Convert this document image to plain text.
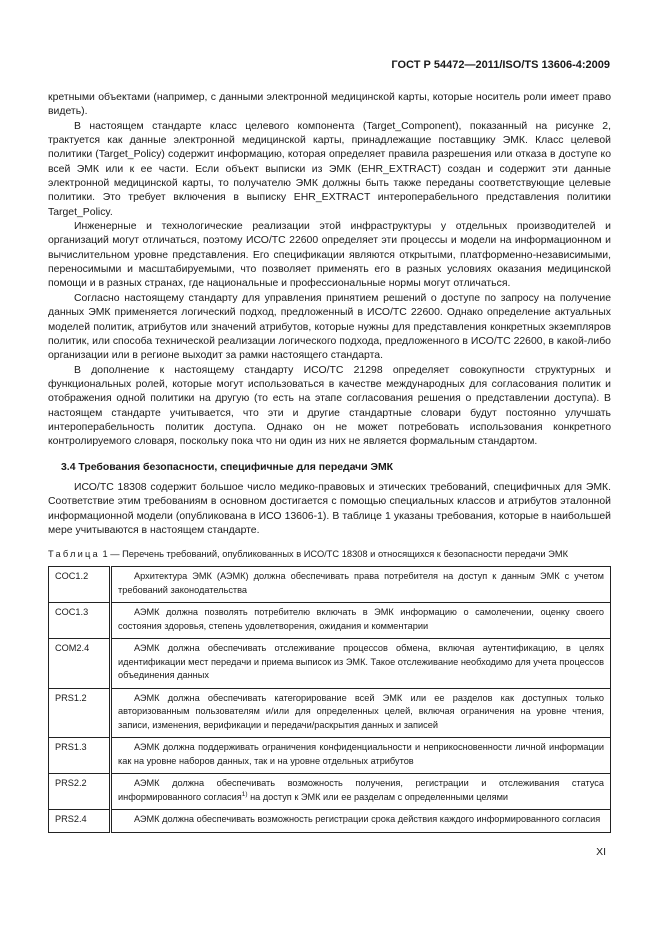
ГОСТ Р 54472—2011/ISO/TS 13606-4:2009

кретными объектами (например, с данными электронной медицинской карты, которые носитель роли имеет право видеть).

В настоящем стандарте класс целевого компонента (Target_Component), показанный на рисунке 2, трактуется как данные электронной медицинской карты, принадлежащие поставщику ЭМК. Класс целевой политики (Target_Policy) содержит информацию, которая определяет правила разрешения или отказа в доступе ко всей ЭМК или к ее части. Если объект выписки из ЭМК (EHR_EXTRACT) создан и содержит эти данные электронной медицинской карты, то получателю ЭМК должны быть также переданы соответствующие целевые политики. Это требует включения в выписку EHR_EXTRACT интероперабельного представления политики Target_Policy.

Инженерные и технологические реализации этой инфраструктуры у отдельных производителей и организаций могут отличаться, поэтому ИСО/ТС 22600 определяет эти процессы и модели на информационном и вычислительном уровне представления. Его спецификации являются открытыми, платформенно-независимыми, переносимыми и масштабируемыми, что позволяет применять его в разных условиях оказания медицинской помощи и в разных странах, где национальные и профессиональные нормы могут отличаться.

Согласно настоящему стандарту для управления принятием решений о доступе по запросу на получение данных ЭМК применяется логический подход, предложенный в ИСО/ТС 22600. Однако определение актуальных моделей политик, атрибутов или значений атрибутов, которые нужны для представления конкретных экземпляров политик, или способа технической реализации логического подхода, предложенного в ИСО/ТС 22600, в какой-либо организации или в регионе выходит за рамки настоящего стандарта.

В дополнение к настоящему стандарту ИСО/ТС 21298 определяет совокупности структурных и функциональных ролей, которые могут использоваться в качестве международных для согласования политик и отображения одной политики на другую (то есть на этапе согласования решения о представлении доступа). В настоящем стандарте учитывается, что эти и другие стандартные словари будут постоянно улучшать интероперабельность политик доступа. Однако он не может потребовать использования конкретного контролируемого словаря, поскольку пока что ни один из них не является формальным стандартом.

3.4 Требования безопасности, специфичные для передачи ЭМК

ИСО/ТС 18308 содержит большое число медико-правовых и этических требований, специфичных для ЭМК. Соответствие этим требованиям в основном достигается с помощью специальных классов и атрибутов эталонной информационной модели (опубликована в ИСО 13606-1). В таблице 1 указаны требования, которые в наибольшей мере учитываются в настоящем стандарте.

Таблица 1 — Перечень требований, опубликованных в ИСО/ТС 18308 и относящихся к безопасности передачи ЭМК
COC1.2	Архитектура ЭМК (АЭМК) должна обеспечивать права потребителя на доступ к данным ЭМК с учетом требований законодательства

COC1.3	АЭМК должна позволять потребителю включать в ЭМК информацию о самолечении, оценку своего состояния здоровья, степень удовлетворения, ожидания и комментарии

COM2.4	АЭМК должна обеспечивать отслеживание процессов обмена, включая аутентификацию, в целях идентификации мест передачи и приема выписок из ЭМК. Такое отслеживание необходимо для учета процессов объединения данных

PRS1.2	АЭМК должна обеспечивать категорирование всей ЭМК или ее разделов как доступных только авторизованным пользователям и/или для определенных целей, включая ограничения на уровне чтения, записи, изменения, верификации и передачи/раскрытия данных и записей

PRS1.3	АЭМК должна поддерживать ограничения конфиденциальности и неприкосновенности личной информации как на уровне наборов данных, так и на уровне отдельных атрибутов

PRS2.2	АЭМК должна обеспечивать возможность получения, регистрации и отслеживания статуса информированного согласия$^{1)}$ на доступ к ЭМК или ее разделам с определенными целями

PRS2.4	АЭМК должна обеспечивать возможность регистрации срока действия каждого информированного согласия
XI
